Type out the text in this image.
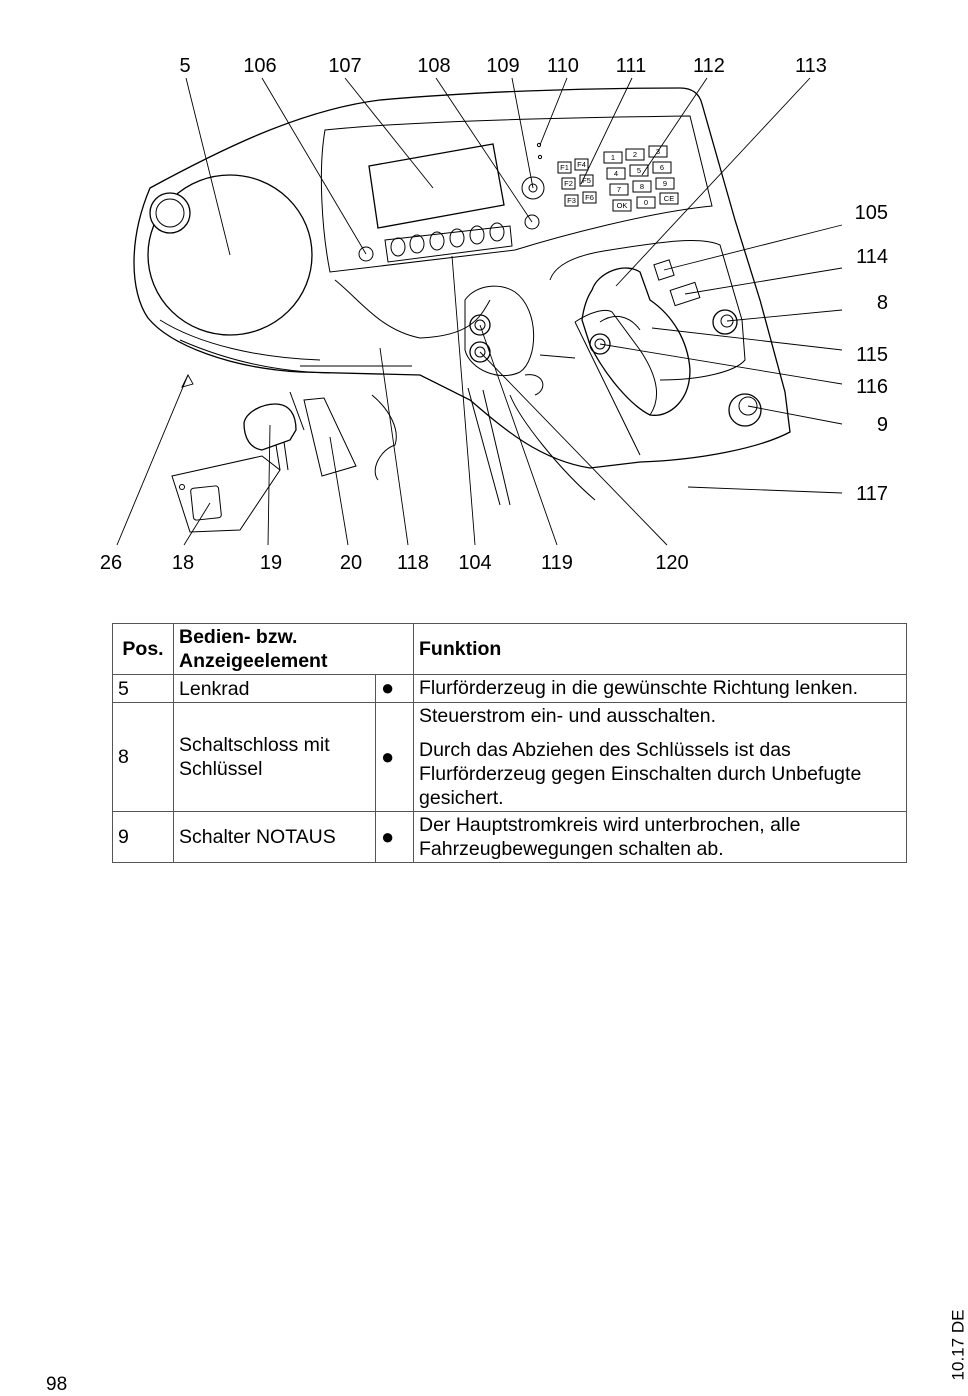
F1 F4
F2 F5
F3 F6
1 2	3
4	5	6
7	8	9
OK 0 CE
5	106	107	108 109 110 111 112	113
105
114
8
115
116
9
117
26 18	19	20 118 104 119	120
Pos.	Bedien- bzw.
Anzeigeelement		Funktion
5	Lenkrad	●	Flurförderzeug in die gewünschte Richtung lenken.

8	Schaltschloss mit Schlüssel	●	Steuerstrom ein- und ausschalten.
Durch das Abziehen des Schlüssels ist das Flurförderzeug gegen Einschalten durch Unbefugte gesichert.

9	Schalter NOTAUS	●	Der Hauptstromkreis wird unterbrochen, alle Fahrzeugbewegungen schalten ab.
98
10.17 DE
